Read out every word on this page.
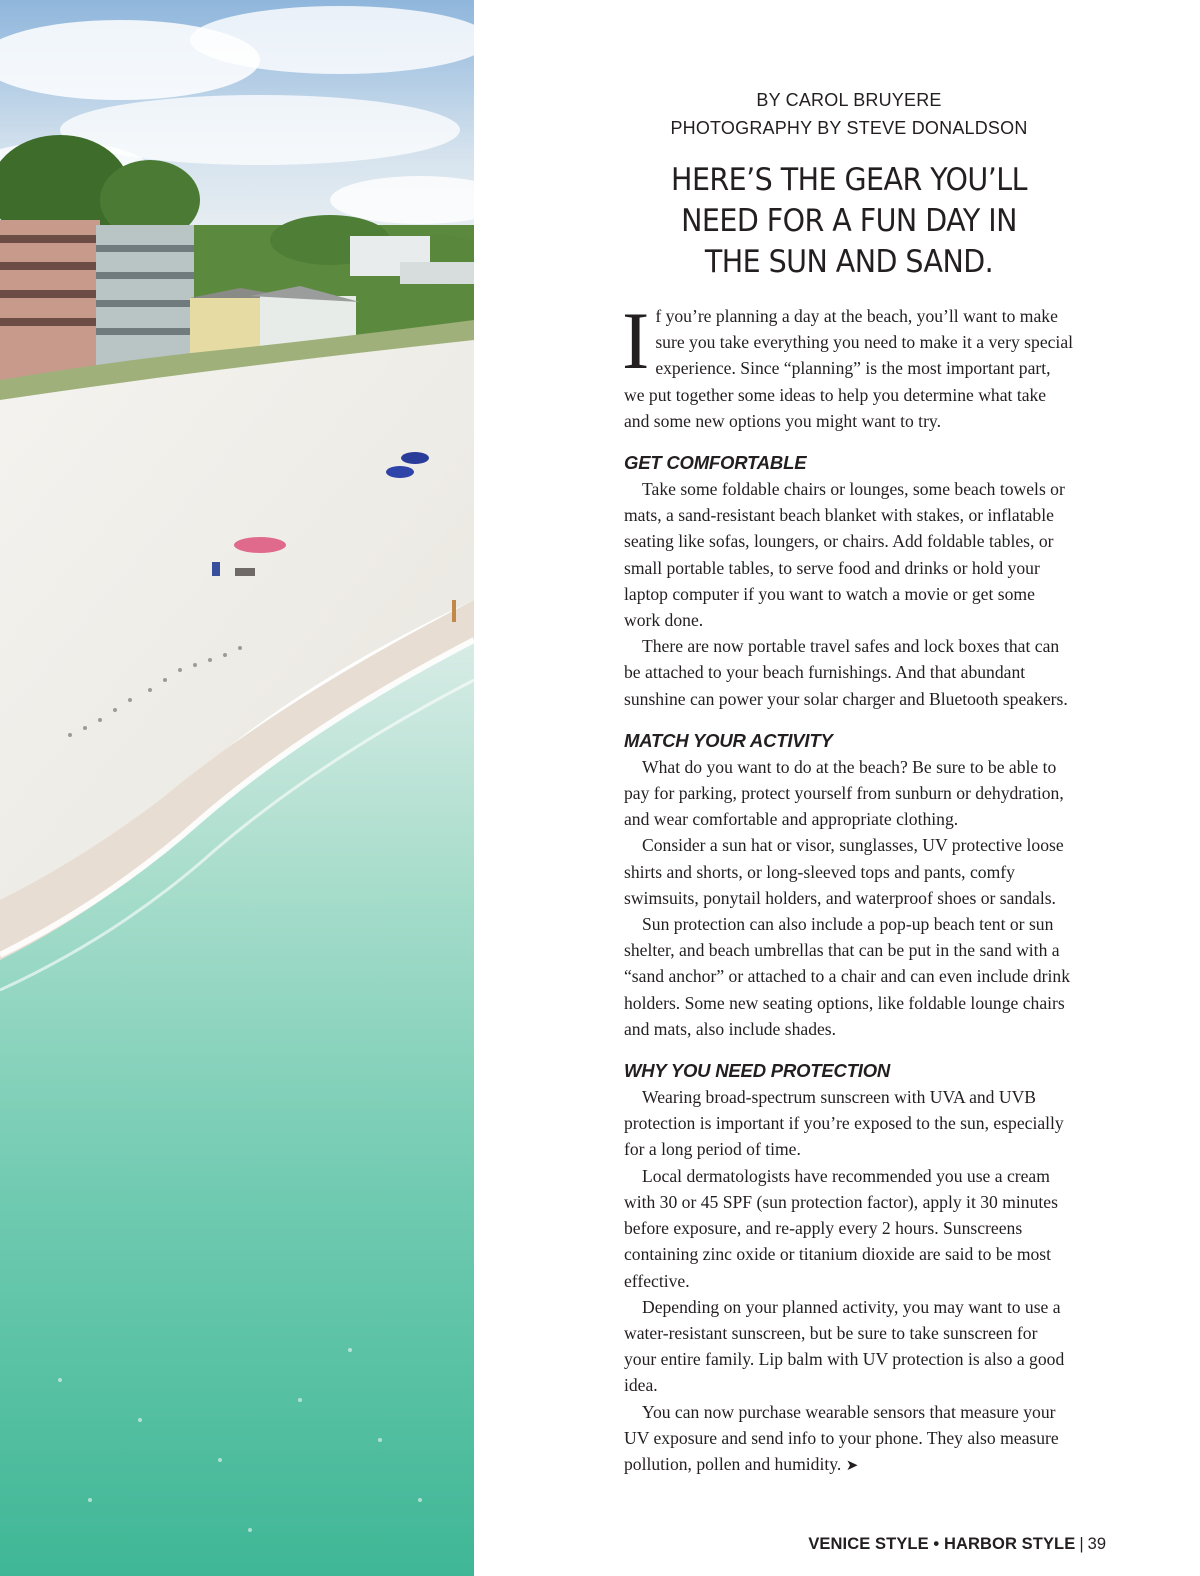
BY CAROL BRUYERE
PHOTOGRAPHY BY STEVE DONALDSON
HERE’S THE GEAR YOU’LL
NEED FOR A FUN DAY IN
THE SUN AND SAND.

If you’re planning a day at the beach, you’ll want to make sure you take everything you need to make it a very special experience. Since “planning” is the most important part, we put together some ideas to help you determine what take and some new options you might want to try.

GET COMFORTABLE

Take some foldable chairs or lounges, some beach towels or mats, a sand-resistant beach blanket with stakes, or inflatable seating like sofas, loungers, or chairs. Add foldable tables, or small portable tables, to serve food and drinks or hold your laptop computer if you want to watch a movie or get some work done.

There are now portable travel safes and lock boxes that can be attached to your beach furnishings. And that abundant sunshine can power your solar charger and Bluetooth speakers.

MATCH YOUR ACTIVITY

What do you want to do at the beach? Be sure to be able to pay for parking, protect yourself from sunburn or dehydration, and wear comfortable and appropriate clothing.

Consider a sun hat or visor, sunglasses, UV protective loose shirts and shorts, or long-sleeved tops and pants, comfy swimsuits, ponytail holders, and waterproof shoes or sandals.

Sun protection can also include a pop-up beach tent or sun shelter, and beach umbrellas that can be put in the sand with a “sand anchor” or attached to a chair and can even include drink holders. Some new seating options, like foldable lounge chairs and mats, also include shades.

WHY YOU NEED PROTECTION

Wearing broad-spectrum sunscreen with UVA and UVB protection is important if you’re exposed to the sun, especially for a long period of time.

Local dermatologists have recommended you use a cream with 30 or 45 SPF (sun protection factor), apply it 30 minutes before exposure, and re-apply every 2 hours. Sunscreens containing zinc oxide or titanium dioxide are said to be most effective.

Depending on your planned activity, you may want to use a water-resistant sunscreen, but be sure to take sunscreen for your entire family. Lip balm with UV protection is also a good idea.

You can now purchase wearable sensors that measure your UV exposure and send info to your phone. They also measure pollution, pollen and humidity. ➤

VENICE STYLE • HARBOR STYLE | 39
